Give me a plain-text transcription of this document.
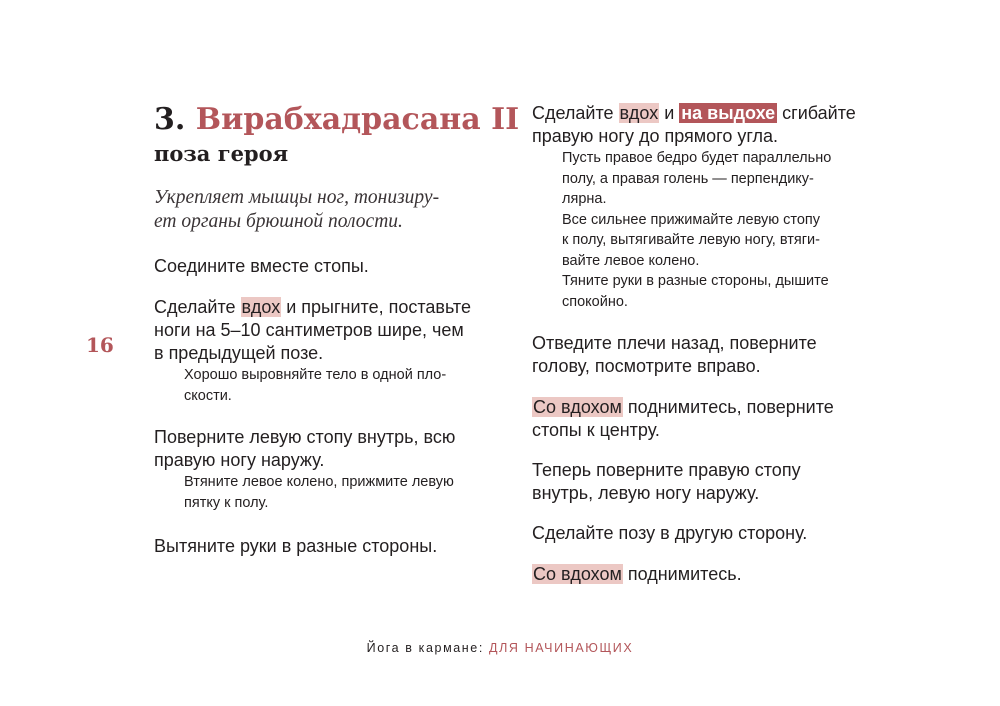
16
3. Вирабхадрасана II
поза героя

Укрепляет мышцы ног, тонизиру-
ет органы брюшной полости.

Соедините вместе стопы.

Сделайте вдох и прыгните, поставьте
ноги на 5–10 сантиметров шире, чем
в предыдущей позе.

Хорошо выровняйте тело в одной пло-
скости.

Поверните левую стопу внутрь, всю
правую ногу наружу.

Втяните левое колено, прижмите левую
пятку к полу.

Вытяните руки в разные стороны.

Сделайте вдох и на выдохе сгибайте
правую ногу до прямого угла.

Пусть правое бедро будет параллельно
полу, а правая голень — перпендику-
лярна.
Все сильнее прижимайте левую стопу
к полу, вытягивайте левую ногу, втяги-
вайте левое колено.
Тяните руки в разные стороны, дышите
спокойно.

Отведите плечи назад, поверните
голову, посмотрите вправо.

Со вдохом поднимитесь, поверните
стопы к центру.

Теперь поверните правую стопу
внутрь, левую ногу наружу.

Сделайте позу в другую сторону.

Со вдохом поднимитесь.

Йога в кармане: ДЛЯ НАЧИНАЮЩИХ
